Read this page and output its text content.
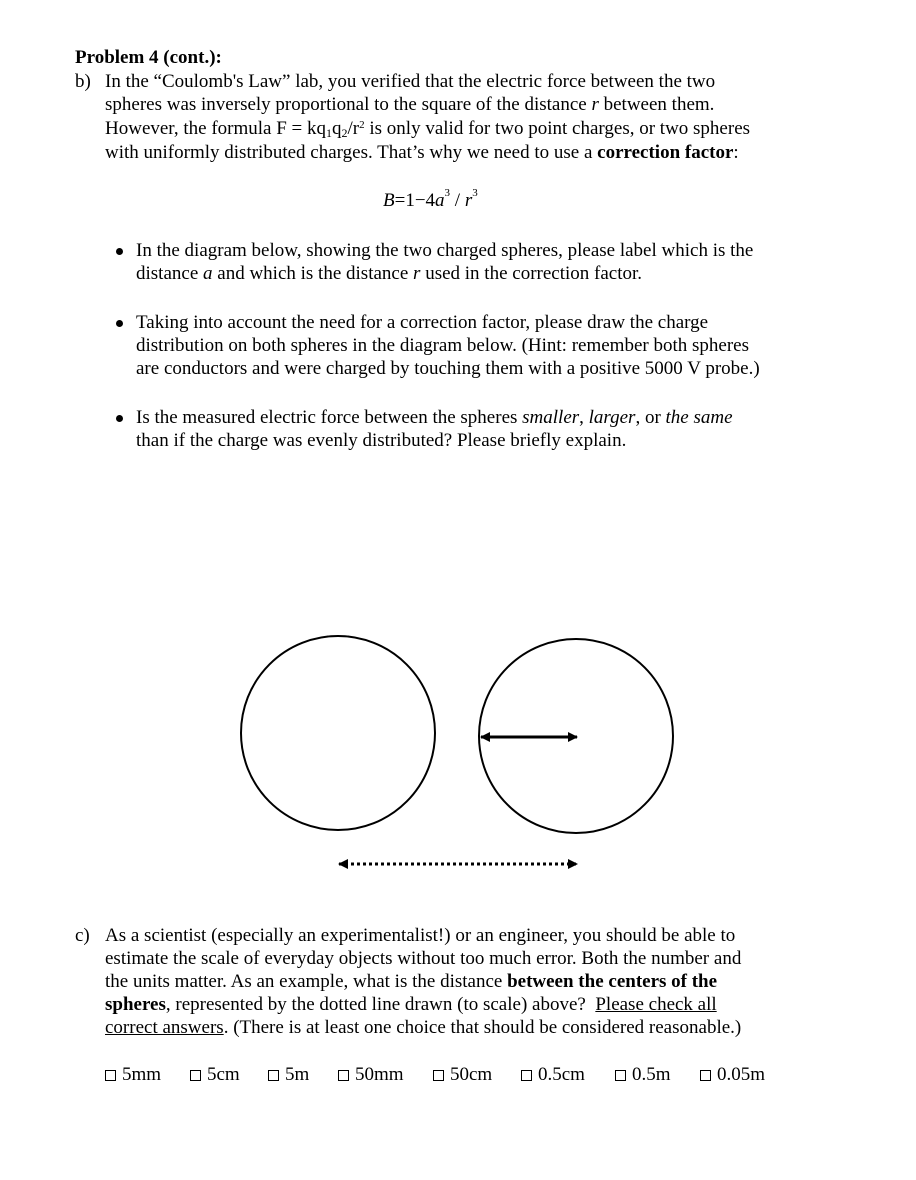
Problem 4 (cont.):
b) In the “Coulomb's Law” lab, you verified that the electric force between the two
spheres was inversely proportional to the square of the distance r between them.
However, the formula $F = kq_1q_2/r^2$ is only valid for two point charges, or two spheres
with uniformly distributed charges. That’s why we need to use a correction factor:
$B=1-4a^3 / r^3$
In the diagram below, showing the two charged spheres, please label which is the
distance a and which is the distance r used in the correction factor.
Taking into account the need for a correction factor, please draw the charge
distribution on both spheres in the diagram below. (Hint: remember both spheres
are conductors and were charged by touching them with a positive 5000 V probe.)
Is the measured electric force between the spheres smaller, larger, or the same
than if the charge was evenly distributed? Please briefly explain.
c) As a scientist (especially an experimentalist!) or an engineer, you should be able to
estimate the scale of everyday objects without too much error. Both the number and
the units matter. As an example, what is the distance between the centers of the
spheres, represented by the dotted line drawn (to scale) above?  Please check all
correct answers. (There is at least one choice that should be considered reasonable.)
5mm 5cm 5m 50mm 50cm 0.5cm 0.5m 0.05m
